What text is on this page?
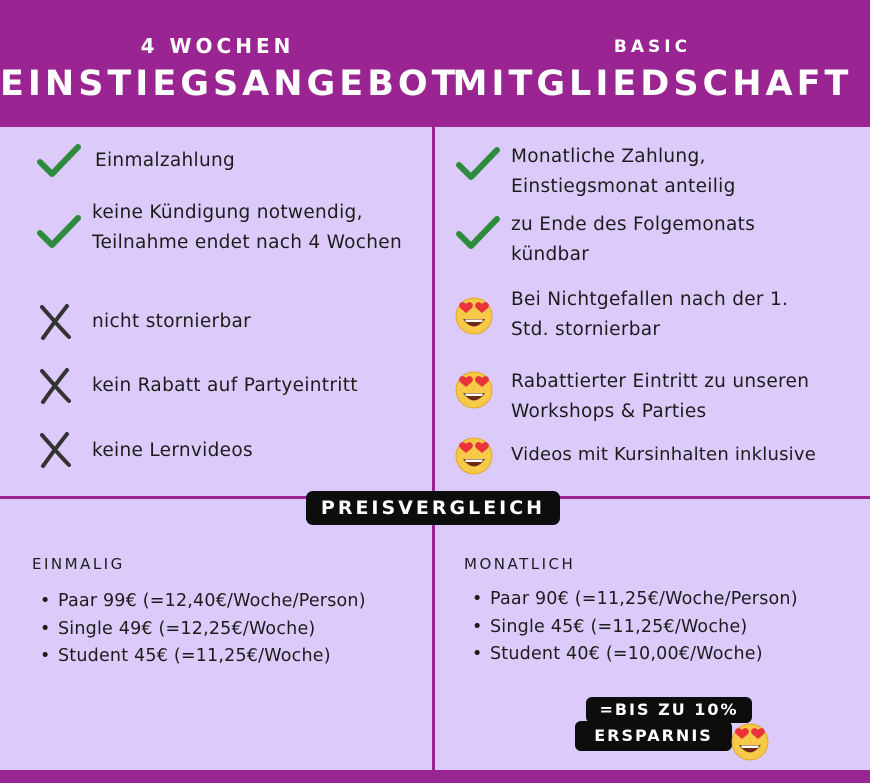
4 WOCHEN
EINSTIEGSANGEBOT
BASIC
MITGLIEDSCHAFT
Einmalzahlung
keine Kündigung notwendig, Teilnahme endet nach 4 Wochen
nicht stornierbar
kein Rabatt auf Partyeintritt
keine Lernvideos
Monatliche Zahlung, Einstiegsmonat anteilig
zu Ende des Folgemonats kündbar
Bei Nichtgefallen nach der 1. Std. stornierbar
Rabattierter Eintritt zu unseren Workshops & Parties
Videos mit Kursinhalten inklusive
PREISVERGLEICH
EINMALIG
• Paar 99€ (=12,40€/Woche/Person)
• Single 49€ (=12,25€/Woche)
• Student 45€ (=11,25€/Woche)
MONATLICH
• Paar 90€ (=11,25€/Woche/Person)
• Single 45€ (=11,25€/Woche)
• Student 40€ (=10,00€/Woche)
=BIS ZU 10%
ERSPARNIS
